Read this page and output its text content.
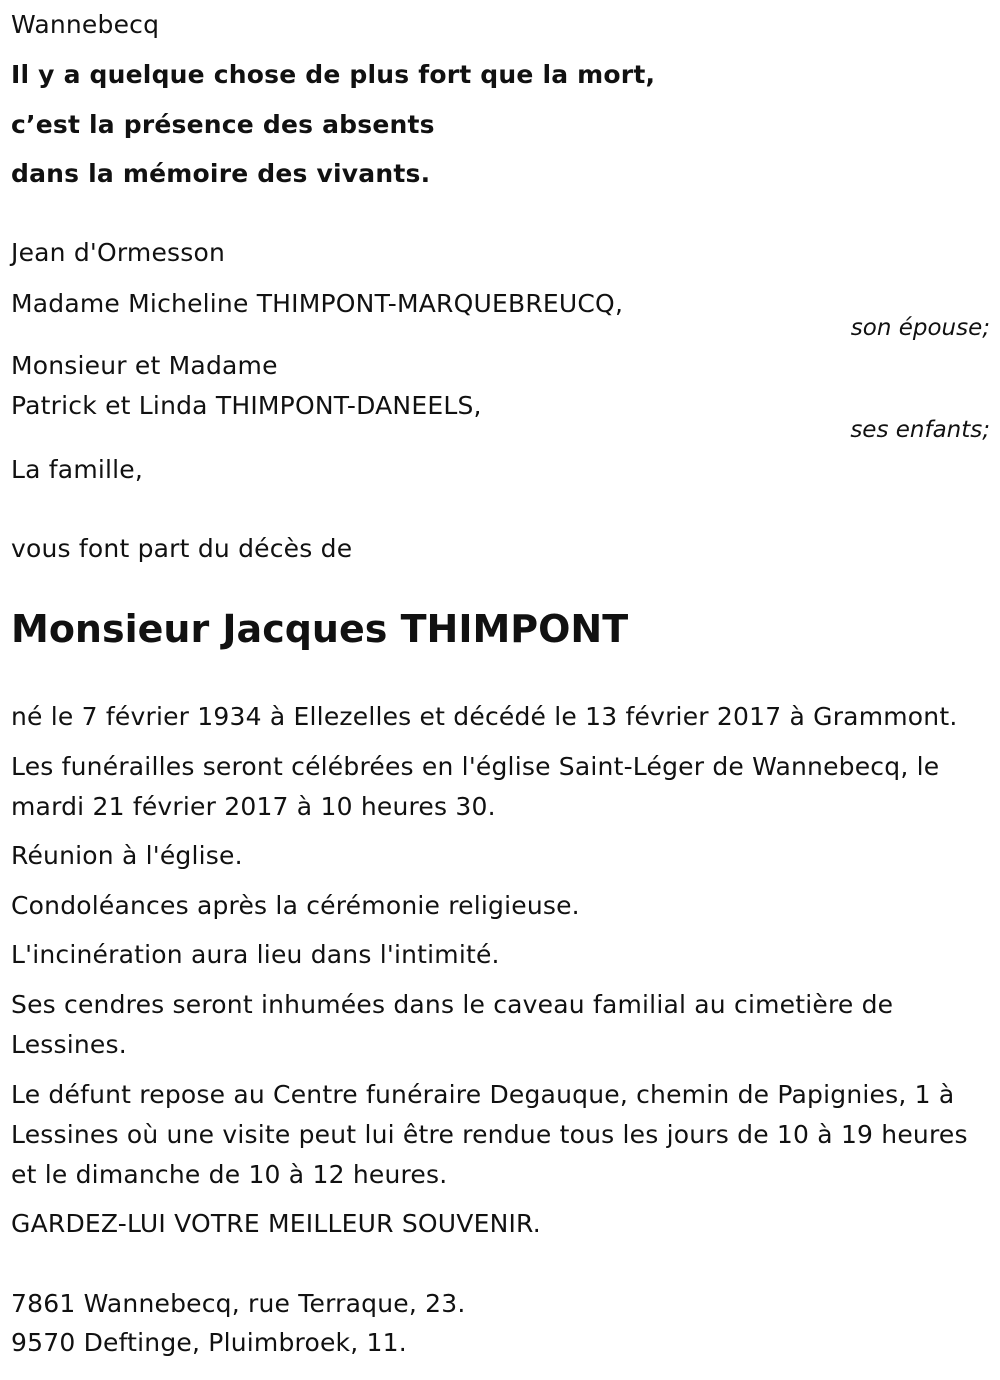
Wannebecq
Il y a quelque chose de plus fort que la mort,
c’est la présence des absents
dans la mémoire des vivants.
Jean d'Ormesson
Madame Micheline THIMPONT-MARQUEBREUCQ,
son épouse;
Monsieur et Madame
Patrick et Linda THIMPONT-DANEELS,
ses enfants;
La famille,
vous font part du décès de
Monsieur Jacques THIMPONT
né le 7 février 1934 à Ellezelles et décédé le 13 février 2017 à Grammont.
Les funérailles seront célébrées en l'église Saint-Léger de Wannebecq, le mardi 21 février 2017 à 10 heures 30.
Réunion à l'église.
Condoléances après la cérémonie religieuse.
L'incinération aura lieu dans l'intimité.
Ses cendres seront inhumées dans le caveau familial au cimetière de Lessines.
Le défunt repose au Centre funéraire Degauque, chemin de Papignies, 1 à Lessines où une visite peut lui être rendue tous les jours de 10 à 19 heures et le dimanche de 10 à 12 heures.
GARDEZ-LUI VOTRE MEILLEUR SOUVENIR.
7861 Wannebecq, rue Terraque, 23.
9570 Deftinge, Pluimbroek, 11.
